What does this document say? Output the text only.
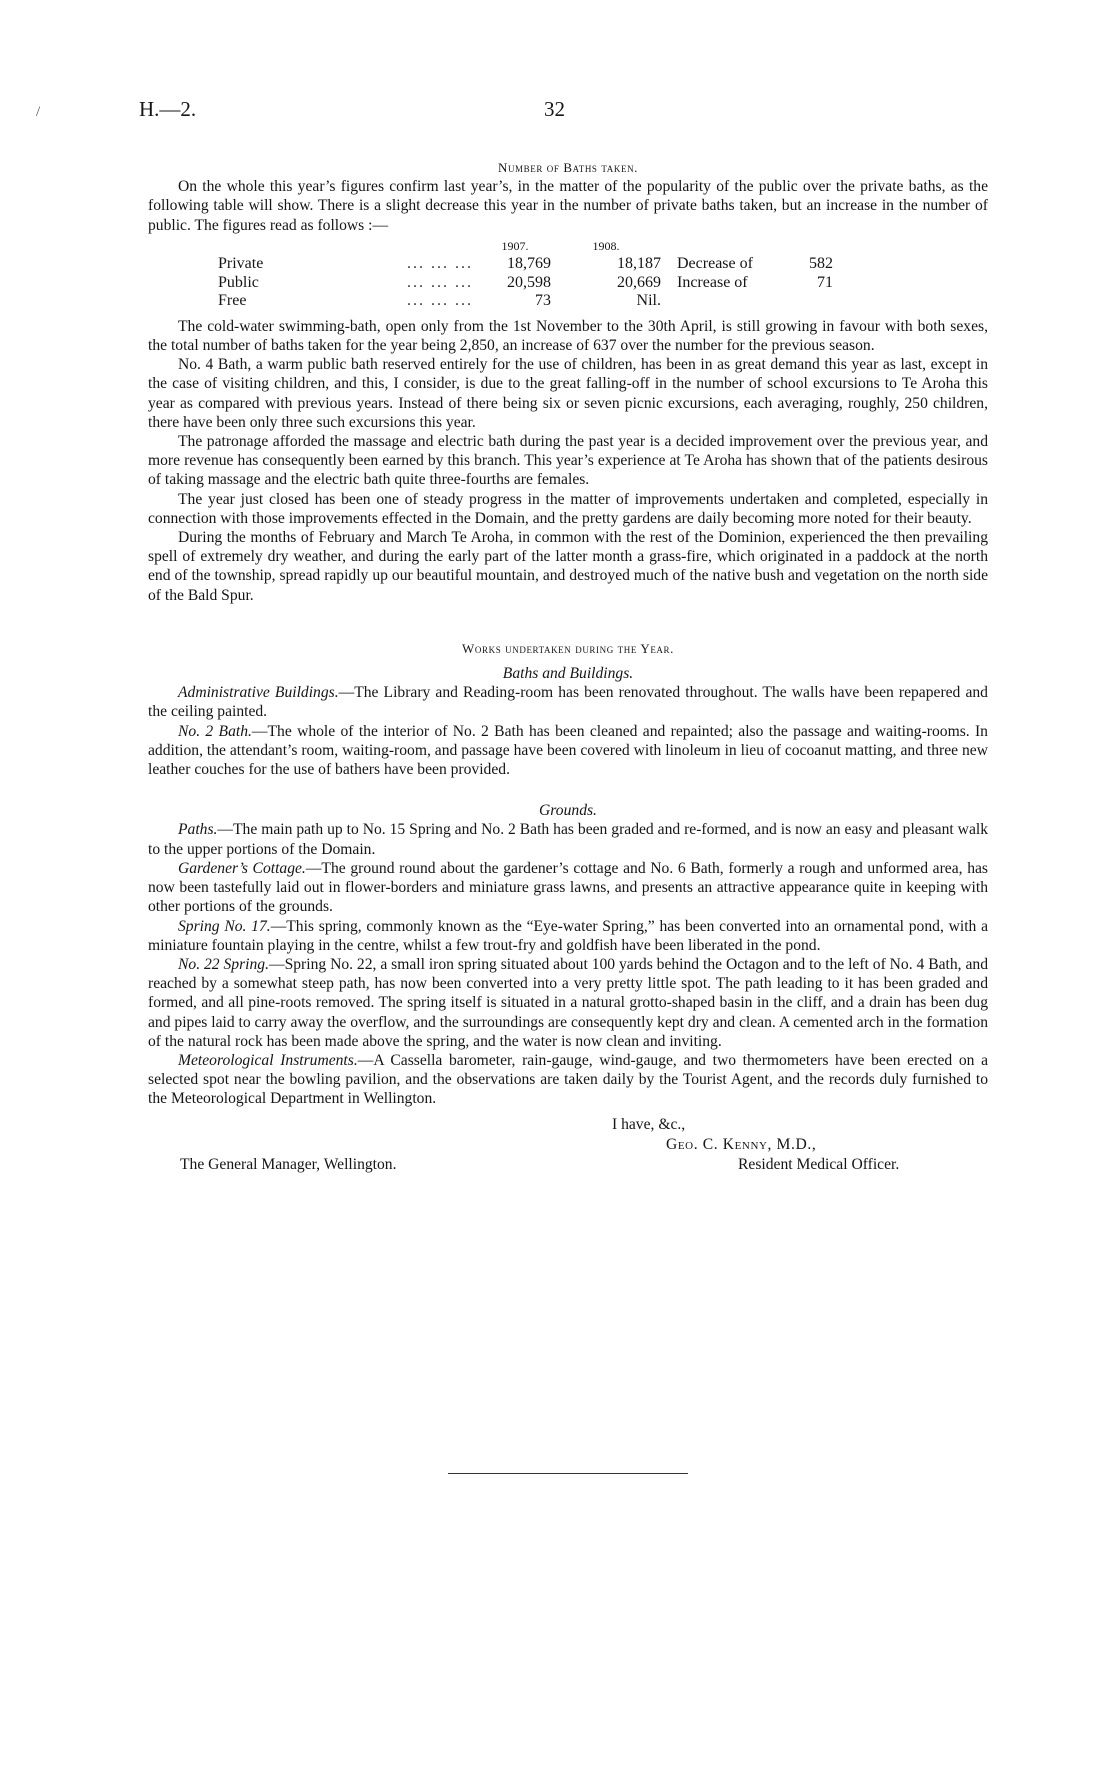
/	H.—2.	32
Number of Baths taken.

On the whole this year’s figures confirm last year’s, in the matter of the popularity of the public over the private baths, as the following table will show. There is a slight decrease this year in the number of private baths taken, but an increase in the number of public. The figures read as follows :—

		1907.	1908.		
Private	... ... ...	18,769	18,187	Decrease of	582
Public	... ... ...	20,598	20,669	Increase of	71
Free	... ... ...	73	Nil.		

The cold-water swimming-bath, open only from the 1st November to the 30th April, is still growing in favour with both sexes, the total number of baths taken for the year being 2,850, an increase of 637 over the number for the previous season.

No. 4 Bath, a warm public bath reserved entirely for the use of children, has been in as great demand this year as last, except in the case of visiting children, and this, I consider, is due to the great falling-off in the number of school excursions to Te Aroha this year as compared with previous years. Instead of there being six or seven picnic excursions, each averaging, roughly, 250 children, there have been only three such excursions this year.

The patronage afforded the massage and electric bath during the past year is a decided improvement over the previous year, and more revenue has consequently been earned by this branch. This year’s experience at Te Aroha has shown that of the patients desirous of taking massage and the electric bath quite three-fourths are females.

The year just closed has been one of steady progress in the matter of improvements undertaken and completed, especially in connection with those improvements effected in the Domain, and the pretty gardens are daily becoming more noted for their beauty.

During the months of February and March Te Aroha, in common with the rest of the Dominion, experienced the then prevailing spell of extremely dry weather, and during the early part of the latter month a grass-fire, which originated in a paddock at the north end of the township, spread rapidly up our beautiful mountain, and destroyed much of the native bush and vegetation on the north side of the Bald Spur.

Works undertaken during the Year.
Baths and Buildings.

Administrative Buildings.—The Library and Reading-room has been renovated throughout. The walls have been repapered and the ceiling painted.

No. 2 Bath.—The whole of the interior of No. 2 Bath has been cleaned and repainted; also the passage and waiting-rooms. In addition, the attendant’s room, waiting-room, and passage have been covered with linoleum in lieu of cocoanut matting, and three new leather couches for the use of bathers have been provided.

Grounds.

Paths.—The main path up to No. 15 Spring and No. 2 Bath has been graded and re-formed, and is now an easy and pleasant walk to the upper portions of the Domain.

Gardener’s Cottage.—The ground round about the gardener’s cottage and No. 6 Bath, formerly a rough and unformed area, has now been tastefully laid out in flower-borders and miniature grass lawns, and presents an attractive appearance quite in keeping with other portions of the grounds.

Spring No. 17.—This spring, commonly known as the “Eye-water Spring,” has been converted into an ornamental pond, with a miniature fountain playing in the centre, whilst a few trout-fry and goldfish have been liberated in the pond.

No. 22 Spring.—Spring No. 22, a small iron spring situated about 100 yards behind the Octagon and to the left of No. 4 Bath, and reached by a somewhat steep path, has now been converted into a very pretty little spot. The path leading to it has been graded and formed, and all pine-roots removed. The spring itself is situated in a natural grotto-shaped basin in the cliff, and a drain has been dug and pipes laid to carry away the overflow, and the surroundings are consequently kept dry and clean. A cemented arch in the formation of the natural rock has been made above the spring, and the water is now clean and inviting.

Meteorological Instruments.—A Cassella barometer, rain-gauge, wind-gauge, and two thermometers have been erected on a selected spot near the bowling pavilion, and the observations are taken daily by the Tourist Agent, and the records duly furnished to the Meteorological Department in Wellington.

I have, &c.,
Geo. C. Kenny, M.D.,
Resident Medical Officer.
The General Manager, Wellington.
